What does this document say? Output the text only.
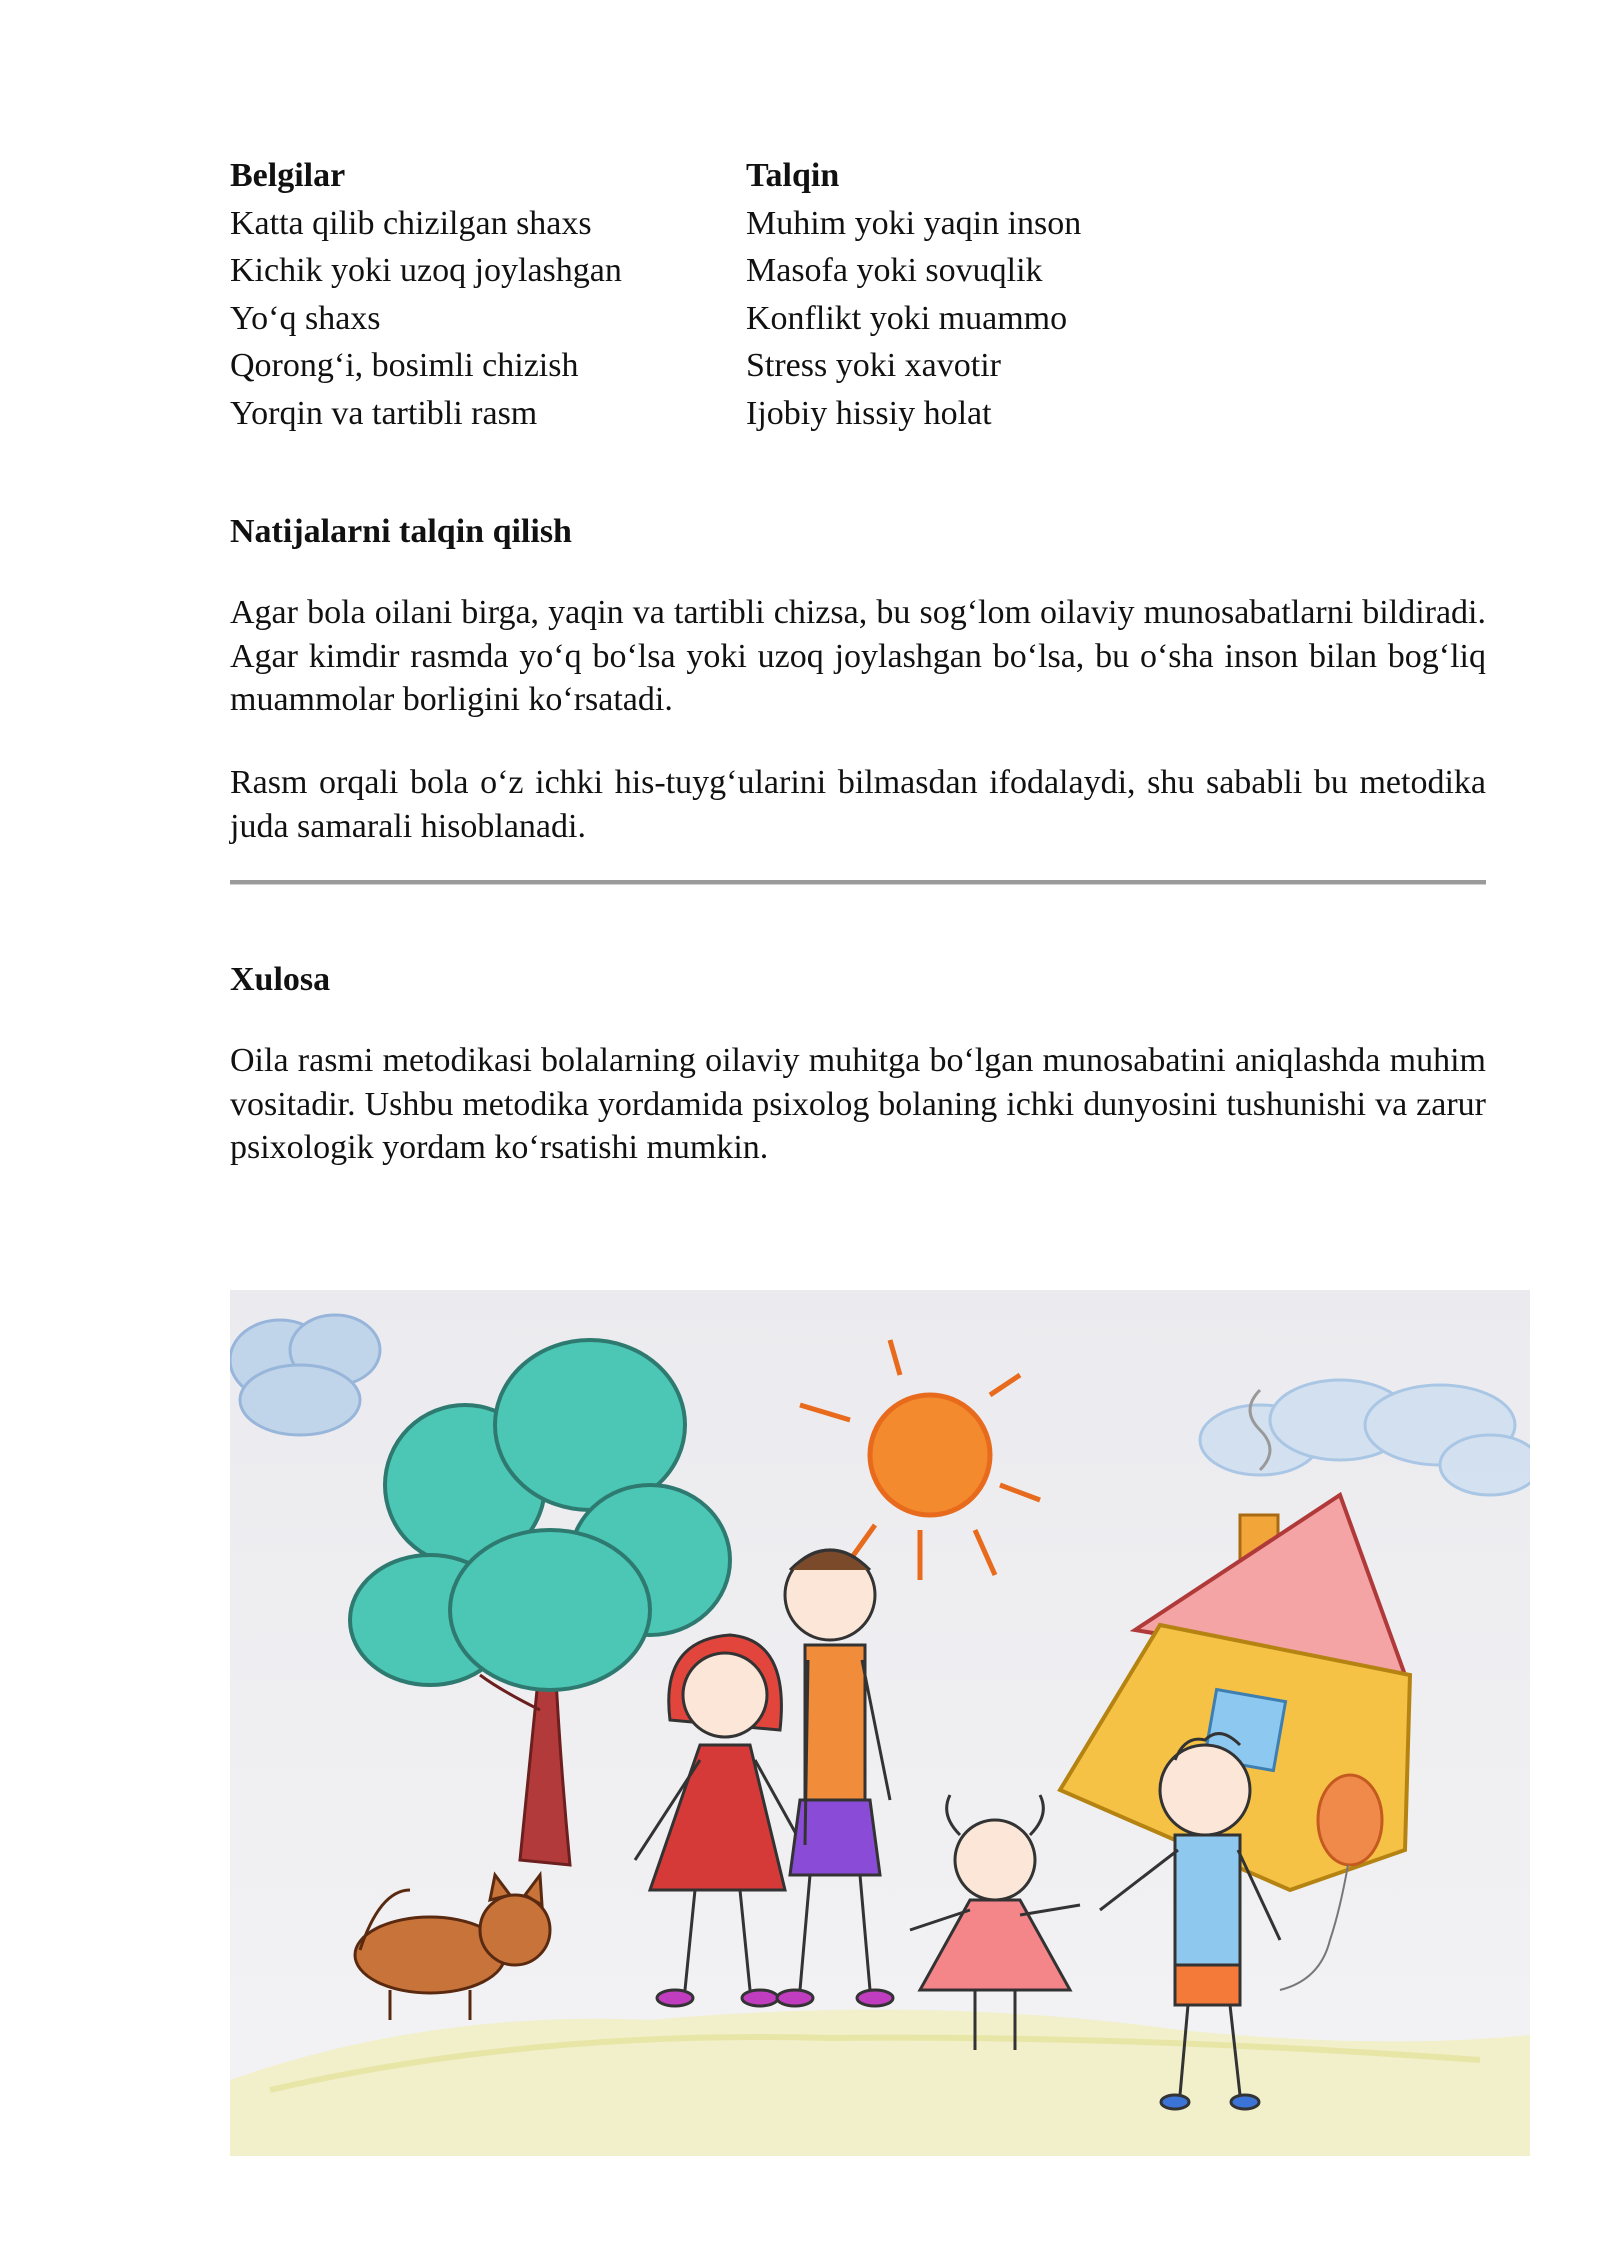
Belgilar	Talqin
Katta qilib chizilgan shaxs	Muhim yoki yaqin inson
Kichik yoki uzoq joylashgan	Masofa yoki sovuqlik
Yo‘q shaxs	Konflikt yoki muammo
Qorong‘i, bosimli chizish	Stress yoki xavotir
Yorqin va tartibli rasm	Ijobiy hissiy holat
Natijalarni talqin qilish

Agar bola oilani birga, yaqin va tartibli chizsa, bu sog‘lom oilaviy munosabatlarni bildiradi. Agar kimdir rasmda yo‘q bo‘lsa yoki uzoq joylashgan bo‘lsa, bu o‘sha inson bilan bog‘liq muammolar borligini ko‘rsatadi.

Rasm orqali bola o‘z ichki his-tuyg‘ularini bilmasdan ifodalaydi, shu sababli bu metodika juda samarali hisoblanadi.

Xulosa

Oila rasmi metodikasi bolalarning oilaviy muhitga bo‘lgan munosabatini aniqlashda muhim vositadir. Ushbu metodika yordamida psixolog bolaning ichki dunyosini tushunishi va zarur psixologik yordam ko‘rsatishi mumkin.
